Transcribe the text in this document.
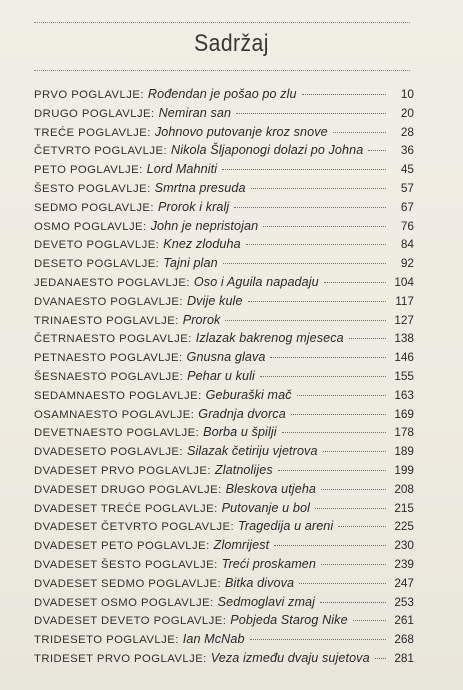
Sadržaj
PRVO POGLAVLJE:
Rođendan je pošao po zlu	10
DRUGO POGLAVLJE:
Nemiran san	20
TREĆE POGLAVLJE:
Johnovo putovanje kroz snove	28
ČETVRTO POGLAVLJE:
Nikola Šljaponogi dolazi po Johna	36
PETO POGLAVLJE:
Lord Mahniti	45
ŠESTO POGLAVLJE:
Smrtna presuda	57
SEDMO POGLAVLJE:
Prorok i kralj	67
OSMO POGLAVLJE:
John je nepristojan	76
DEVETO POGLAVLJE:
Knez zloduha	84
DESETO POGLAVLJE:
Tajni plan	92
JEDANAESTO POGLAVLJE:
Oso i Aguila napadaju	104
DVANAESTO POGLAVLJE:
Dvije kule	117
TRINAESTO POGLAVLJE:
Prorok	127
ČETRNAESTO POGLAVLJE:
Izlazak bakrenog mjeseca	138
PETNAESTO POGLAVLJE:
Gnusna glava	146
ŠESNAESTO POGLAVLJE:
Pehar u kuli	155
SEDAMNAESTO POGLAVLJE:
Geburaški mač	163
OSAMNAESTO POGLAVLJE:
Gradnja dvorca	169
DEVETNAESTO POGLAVLJE:
Borba u špilji	178
DVADESETO POGLAVLJE:
Silazak četiriju vjetrova	189
DVADESET PRVO POGLAVLJE:
Zlatnolijes	199
DVADESET DRUGO POGLAVLJE:
Bleskova utjeha	208
DVADESET TREĆE POGLAVLJE:
Putovanje u bol	215
DVADESET ČETVRTO POGLAVLJE:
Tragedija u areni	225
DVADESET PETO POGLAVLJE:
Zlomrijest	230
DVADESET ŠESTO POGLAVLJE:
Treći proskamen	239
DVADESET SEDMO POGLAVLJE:
Bitka divova	247
DVADESET OSMO POGLAVLJE:
Sedmoglavi zmaj	253
DVADESET DEVETO POGLAVLJE:
Pobjeda Starog Nike	261
TRIDESETO POGLAVLJE:
Ian McNab	268
TRIDESET PRVO POGLAVLJE:
Veza između dvaju sujetova	281
